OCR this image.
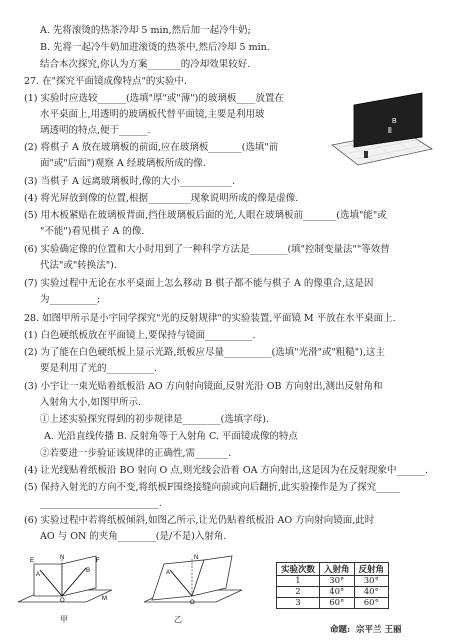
A. 先将滚烫的热茶冷却 5 min,然后加一起冷牛奶;
B. 先将一起冷牛奶加进滚烫的热茶中,然后冷却 5 min.
结合本次探究,你认为方案_______的冷却效果较好.
27. 在"探究平面镜成像特点"的实验中.
(1) 实验时应选较______(选填"厚"或"薄")的玻璃板____放置在
水平桌面上,用透明的玻璃板代替平面镜,主要是利用玻
璃透明的特点,便于______.
(2) 将棋子 A 放在玻璃板的前面,应在玻璃板_______(选填"前
面"或"后面")观察 A 经玻璃板所成的像.
(3) 当棋子 A 远离玻璃板时,像的大小___________.
(4) 将光屏放到像的位置,根据_________现象说明所成的像是虚像.
(5) 用木板紧贴在玻璃板背面,挡住玻璃板后面的光,人眼在玻璃板前_______(选填"能"或
"不能")看见棋子 A 的像.
(6) 实验确定像的位置和大小时用到了一种科学方法是________(填"控制变量法""等效替
代法"或"转换法").
(7) 实验过程中无论在水平桌面上怎么移动 B 棋子都不能与棋子 A 的像重合,这是因
为__________;
B
28. 如图甲所示是小宇同学探究"光的反射规律"的实验装置,平面镜 M 平放在水平桌面上.
(1) 白色硬纸板放在平面镜上,要保持与镜面__________.
(2) 为了能在白色硬纸板上显示光路,纸板应尽量__________(选填"光滑"或"粗糙"),这主
要是利用了光的__________.
(3) 小宇让一束光贴着纸板沿 AO 方向射向镜面,反射光沿 OB 方向射出,测出反射角和
入射角大小,如图甲所示.
①上述实验探究得到的初步规律是________(选填字母).
A. 光沿直线传播 B. 反射角等于入射角 C. 平面镜成像的特点
②若要进一步验证该规律的正确性,需_______.
(4) 让光线贴着纸板沿 BO 射向 O 点,则光线会沿着 OA 方向射出,这是因为在反射现象中______.
(5) 保持入射光的方向不变,将纸板F围绕接缝向前或向后翻折,此实验操作是为了探究_____
_________________________.
(6) 实验过程中若将纸板倾斜,如图乙所示,让光仍贴着纸板沿 AO 方向射向镜面,此时
AO 与 ON 的夹角________(是/不是)入射角.
E	F
A
N
B
O	M
甲
A
N
O
乙
实验次数	入射角	反射角
1	30°	30°
2	40°	40°
3	60°	60°
命题: 宗平兰 王丽
